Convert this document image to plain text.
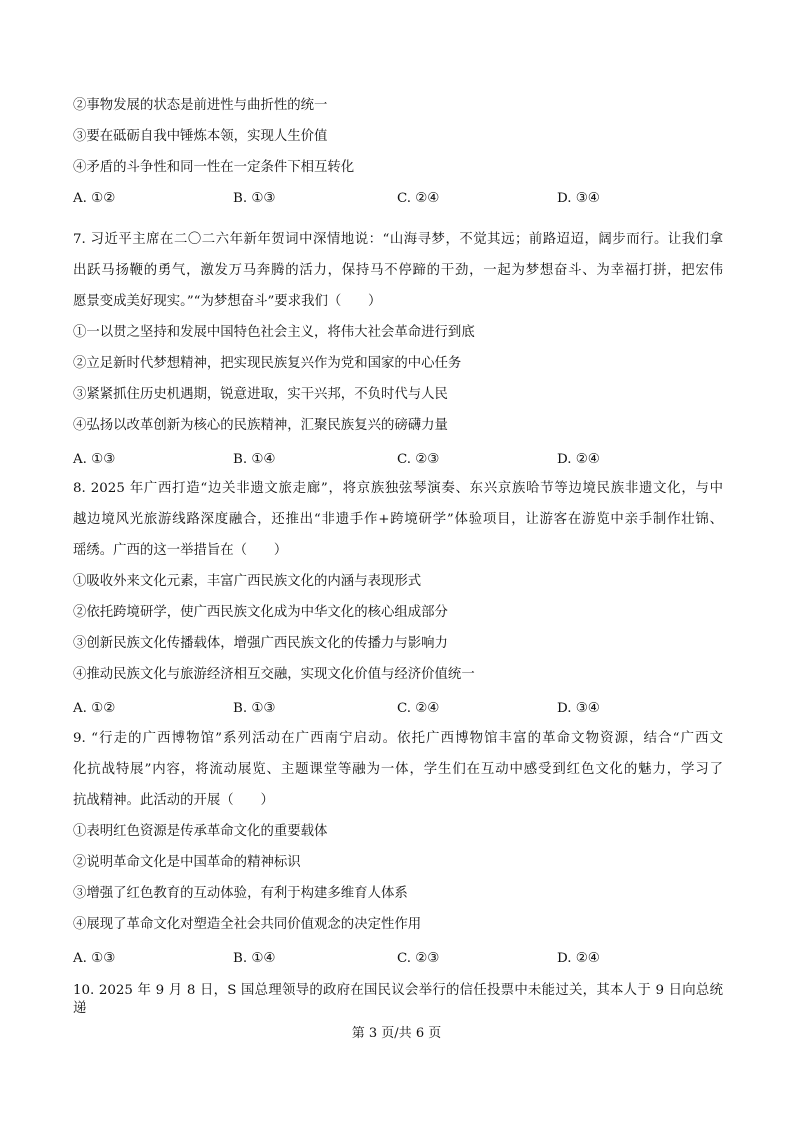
②事物发展的状态是前进性与曲折性的统一
③要在砥砺自我中锤炼本领，实现人生价值
④矛盾的斗争性和同一性在一定条件下相互转化
A. ①②	B. ①③	C. ②④	D. ③④
7. 习近平主席在二〇二六年新年贺词中深情地说：“山海寻梦，不觉其远；前路迢迢，阔步而行。让我们拿
出跃马扬鞭的勇气，激发万马奔腾的活力，保持马不停蹄的干劲，一起为梦想奋斗、为幸福打拼，把宏伟
愿景变成美好现实。”“为梦想奋斗”要求我们（　　）
①一以贯之坚持和发展中国特色社会主义，将伟大社会革命进行到底
②立足新时代梦想精神，把实现民族复兴作为党和国家的中心任务
③紧紧抓住历史机遇期，锐意进取，实干兴邦，不负时代与人民
④弘扬以改革创新为核心的民族精神，汇聚民族复兴的磅礴力量
A. ①③	B. ①④	C. ②③	D. ②④
8. 2025 年广西打造“边关非遗文旅走廊”，将京族独弦琴演奏、东兴京族哈节等边境民族非遗文化，与中
越边境风光旅游线路深度融合，还推出“非遗手作+跨境研学”体验项目，让游客在游览中亲手制作壮锦、
瑶绣。广西的这一举措旨在（　　）
①吸收外来文化元素，丰富广西民族文化的内涵与表现形式
②依托跨境研学，使广西民族文化成为中华文化的核心组成部分
③创新民族文化传播载体，增强广西民族文化的传播力与影响力
④推动民族文化与旅游经济相互交融，实现文化价值与经济价值统一
A. ①②	B. ①③	C. ②④	D. ③④
9. “行走的广西博物馆”系列活动在广西南宁启动。依托广西博物馆丰富的革命文物资源，结合“广西文
化抗战特展”内容，将流动展览、主题课堂等融为一体，学生们在互动中感受到红色文化的魅力，学习了
抗战精神。此活动的开展（　　）
①表明红色资源是传承革命文化的重要载体
②说明革命文化是中国革命的精神标识
③增强了红色教育的互动体验，有利于构建多维育人体系
④展现了革命文化对塑造全社会共同价值观念的决定性作用
A. ①③	B. ①④	C. ②③	D. ②④
10. 2025 年 9 月 8 日，S 国总理领导的政府在国民议会举行的信任投票中未能过关，其本人于 9 日向总统递
第 3 页/共 6 页
